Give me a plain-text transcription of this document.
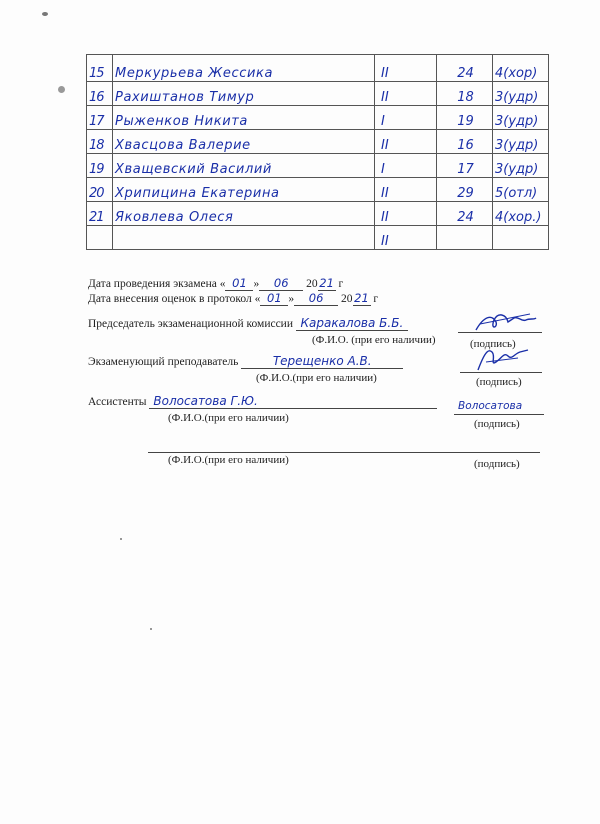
15	Меркурьева Жессика	II	24	4(хор)
16	Рахиштанов Тимур	II	18	3(удр)
17	Рыженков Никита	I	19	3(удр)
18	Хвасцова Валерие	II	16	3(удр)
19	Хващевский Василий	I	17	3(удр)
20	Хрипицина Екатерина	II	29	5(отл)
21	Яковлева Олеся	II	24	4(хор.)
		II		
Дата проведения экзамена « 01 » 06 20 21 г
Дата внесения оценок в протокол « 01 » 06 20 21 г
Председатель экзаменационной комиссии Каракалова Б.Б.
(Ф.И.О. (при его наличии)	(подпись)
Экзаменующий преподаватель	Терещенко А.В.
(Ф.И.О.(при его наличии)	(подпись)
Ассистенты Волосатова Г.Ю.
(Ф.И.О.(при его наличии)
Волосатова
(подпись)
(Ф.И.О.(при его наличии)	(подпись)
